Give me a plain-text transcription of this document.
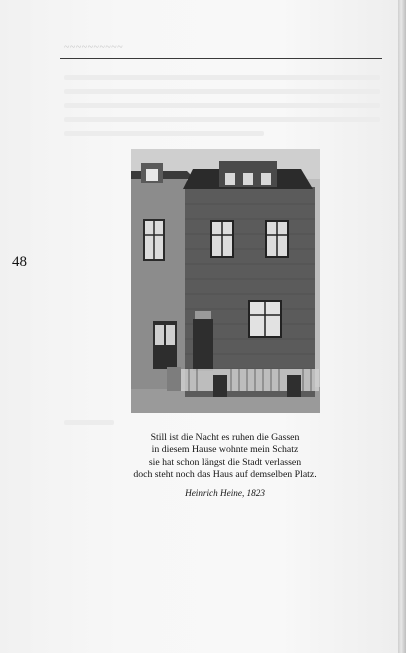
~~~~~~~~~~
48
Still ist die Nacht es ruhen die Gassen
in diesem Hause wohnte mein Schatz
sie hat schon längst die Stadt verlassen
doch steht noch das Haus auf demselben Platz.
Heinrich Heine, 1823
